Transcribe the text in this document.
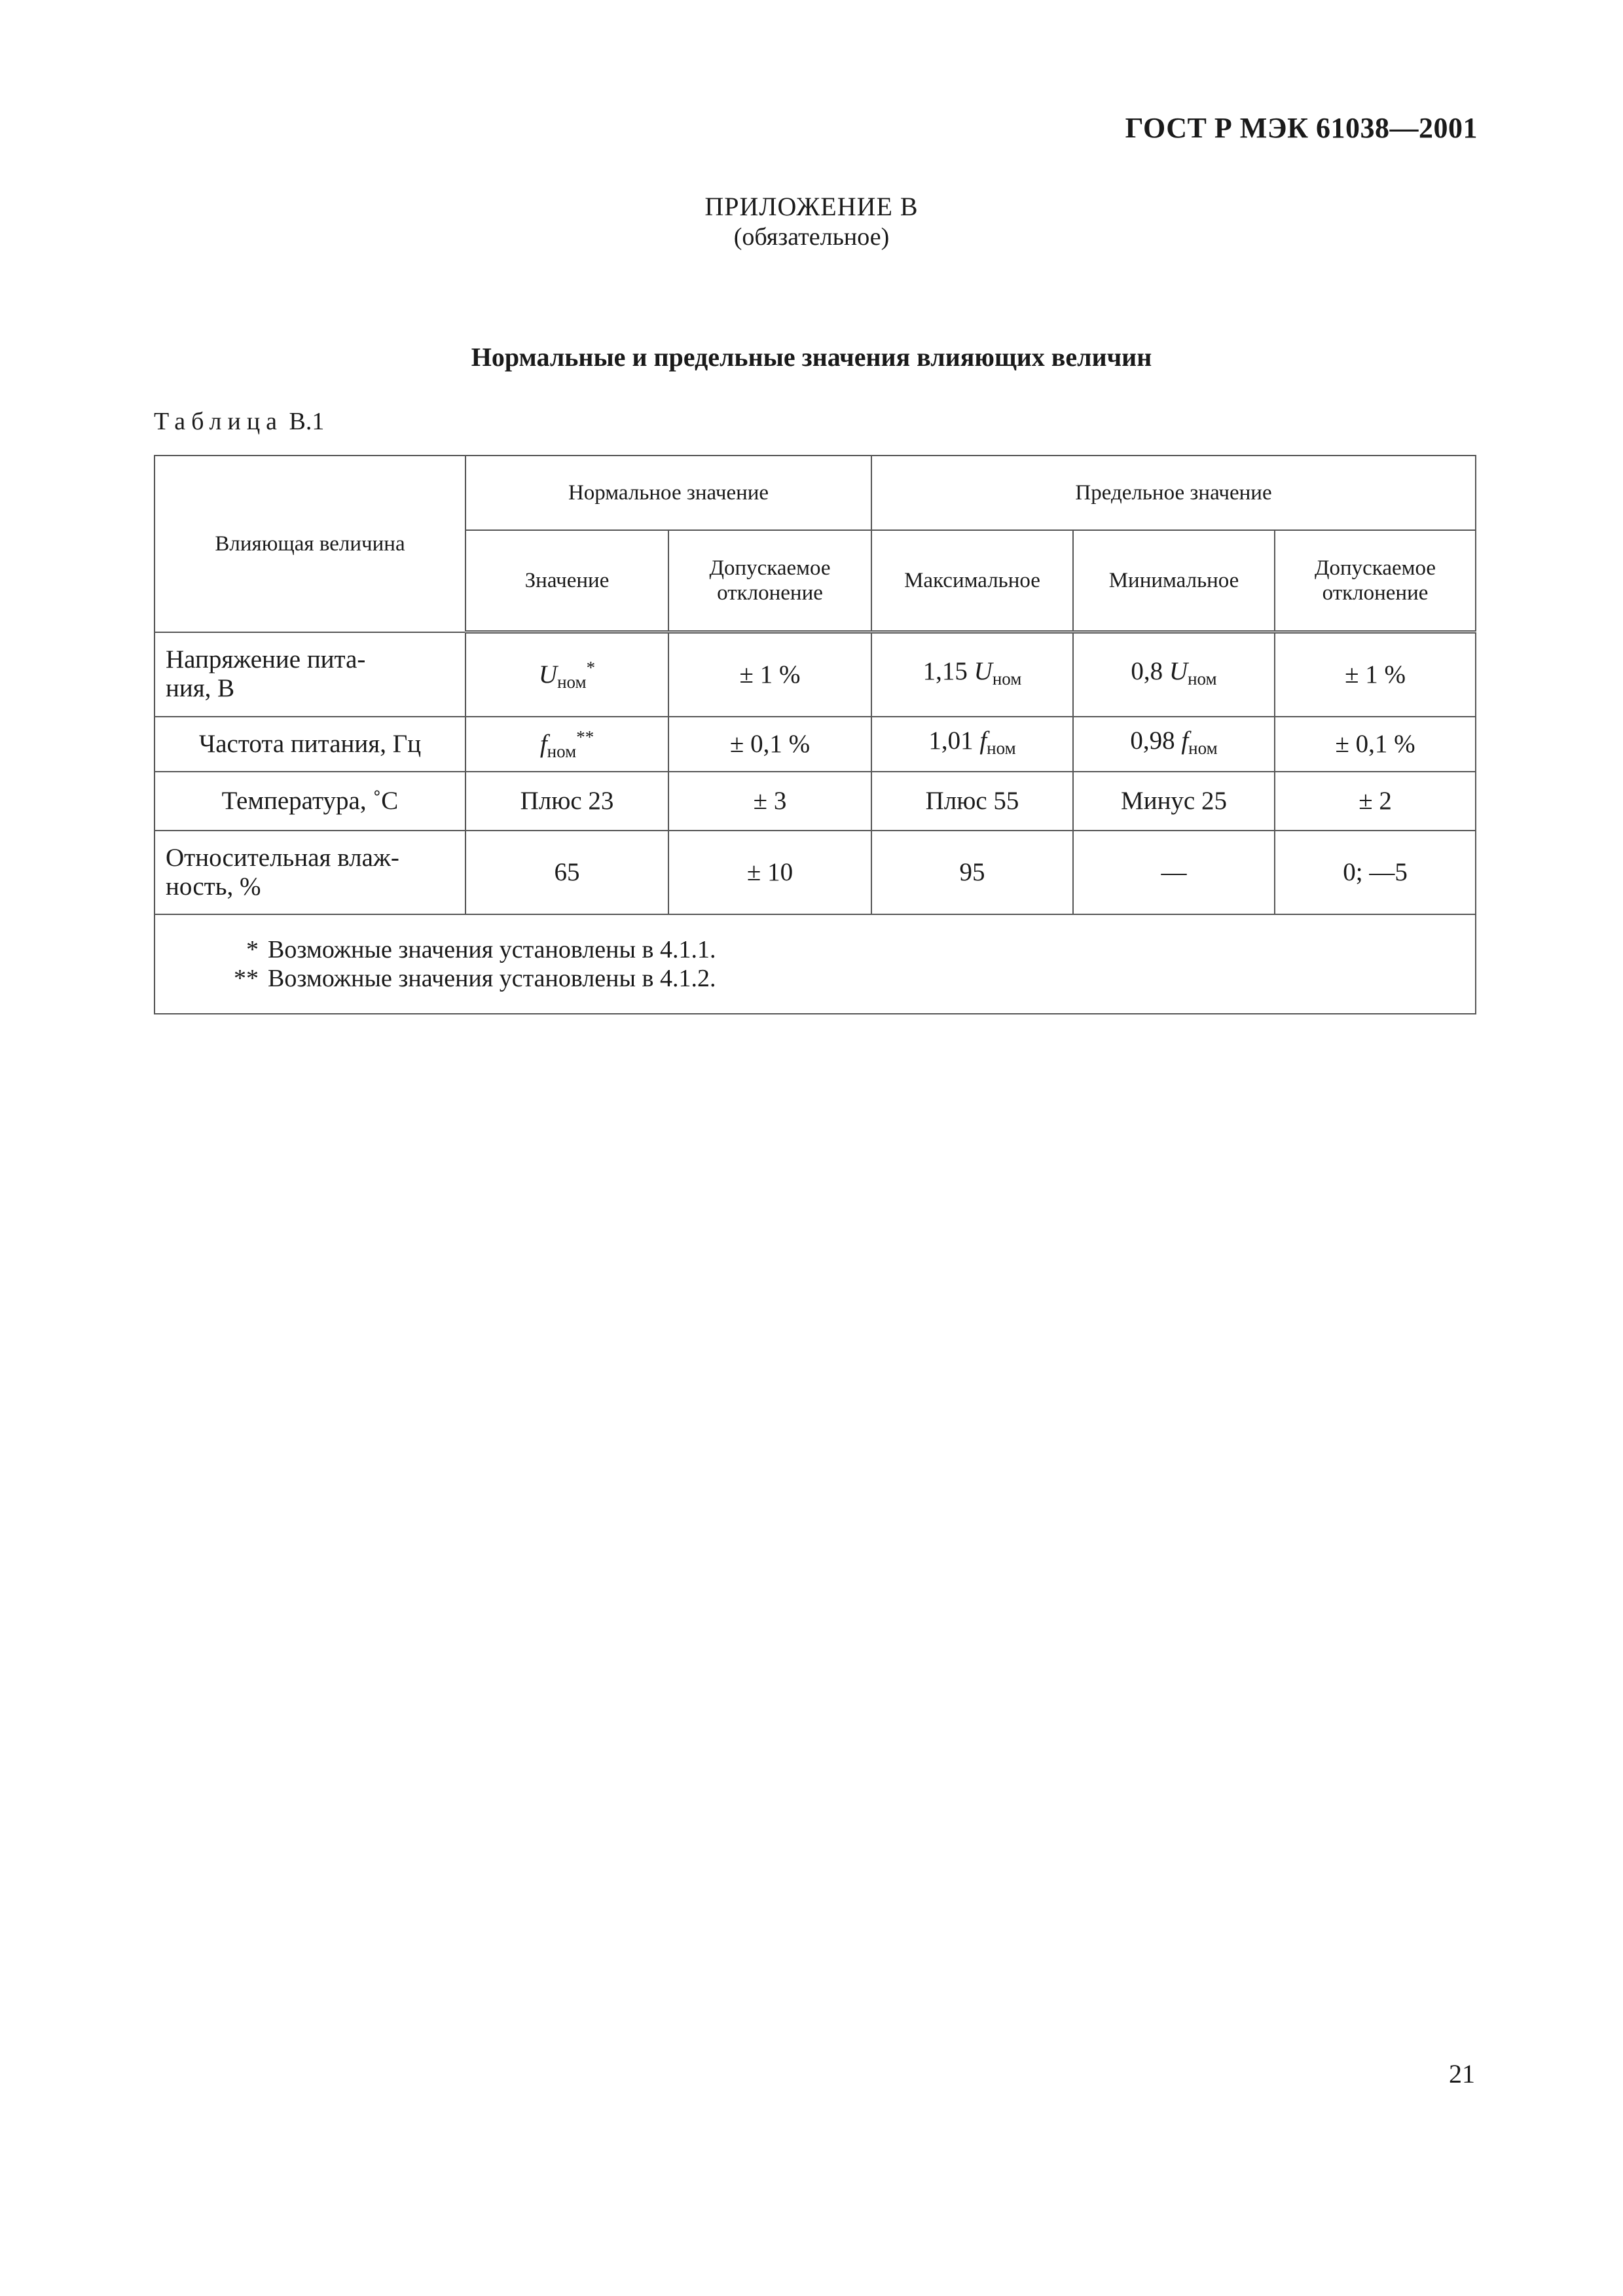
ГОСТ Р МЭК 61038—2001
ПРИЛОЖЕНИЕ В
(обязательное)
Нормальные и предельные значения влияющих величин
Таблица В.1
Влияющая величина	Нормальное значение		Предельное значение		
	Значение	Допускаемое отклонение	Максимальное	Минимальное	Допускаемое отклонение
Напряжение пита-
ния, В	$U_{ном}^*$	± 1 %	1,15 $U_{ном}$	0,8 $U_{ном}$	± 1 %
Частота питания, Гц	$f_{ном}^{**}$	± 0,1 %	1,01 $f_{ном}$	0,98 $f_{ном}$	± 0,1 %
Температура, ˚С	Плюс 23	± 3	Плюс 55	Минус 25	± 2
Относительная влаж-
ность, %	65	± 10	95	—	0; —5

* Возможные значения установлены в 4.1.1.
** Возможные значения установлены в 4.1.2.					
21
